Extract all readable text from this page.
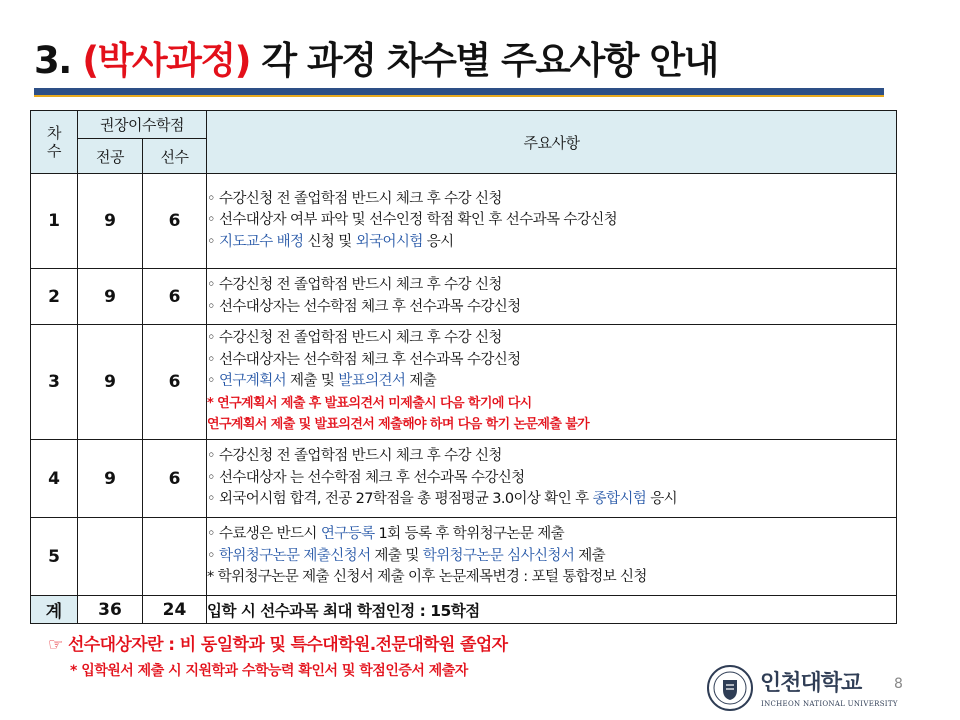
3. (박사과정) 각 과정 차수별 주요사항 안내
차
수	권장이수학점		주요사항
	전공	선수	
1	9	6	◦ 수강신청 전 졸업학점 반드시 체크 후 수강 신청
◦ 선수대상자 여부 파악 및 선수인정 학점 확인 후 선수과목 수강신청
◦ 지도교수 배정 신청 및 외국어시험 응시

2	9	6	◦ 수강신청 전 졸업학점 반드시 체크 후 수강 신청
◦ 선수대상자는 선수학점 체크 후 선수과목 수강신청

3	9	6	◦ 수강신청 전 졸업학점 반드시 체크 후 수강 신청
◦ 선수대상자는 선수학점 체크 후 선수과목 수강신청
◦ 연구계획서 제출 및 발표의견서 제출
* 연구계획서 제출 후 발표의견서 미제출시 다음 학기에 다시
연구계획서 제출 및 발표의견서 제출해야 하며 다음 학기 논문제출 불가

4	9	6	◦ 수강신청 전 졸업학점 반드시 체크 후 수강 신청
◦ 선수대상자 는 선수학점 체크 후 선수과목 수강신청
◦ 외국어시험 합격, 전공 27학점을 총 평점평균 3.0이상 확인 후 종합시험 응시

5			◦ 수료생은 반드시 연구등록 1회 등록 후 학위청구논문 제출
◦ 학위청구논문 제출신청서 제출 및 학위청구논문 심사신청서 제출
* 학위청구논문 제출 신청서 제출 이후 논문제목변경 : 포털 통합정보 신청

계	36	24	입학 시 선수과목 최대 학점인정 : 15학점
☞ 선수대상자란 : 비 동일학과 및 특수대학원.전문대학원 졸업자
* 입학원서 제출 시 지원학과 수학능력 확인서 및 학점인증서 제출자	인천대학교
INCHEON NATIONAL UNIVERSITY
8
